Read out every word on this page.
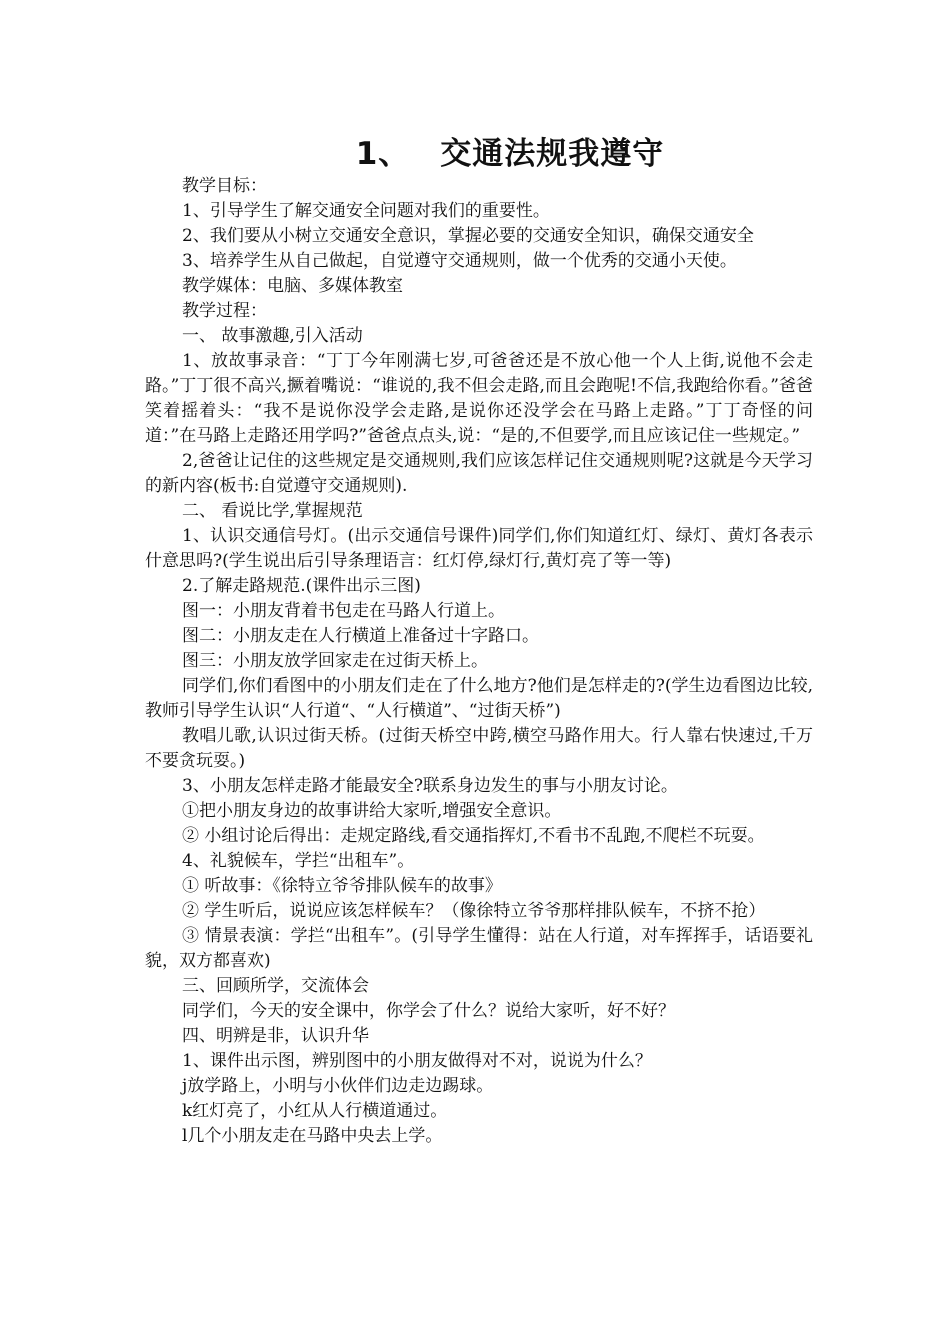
1、 交通法规我遵守

教学目标：

1、引导学生了解交通安全问题对我们的重要性。

2、我们要从小树立交通安全意识，掌握必要的交通安全知识，确保交通安全

3、培养学生从自己做起，自觉遵守交通规则，做一个优秀的交通小天使。

教学媒体：电脑、多媒体教室

教学过程：

一、 故事激趣,引入活动

1、放故事录音：“丁丁今年刚满七岁,可爸爸还是不放心他一个人上街,说他不会走路。”丁丁很不高兴,撅着嘴说：“谁说的,我不但会走路,而且会跑呢!不信,我跑给你看。”爸爸笑着摇着头：“我不是说你没学会走路,是说你还没学会在马路上走路。”丁丁奇怪的问道：”在马路上走路还用学吗?”爸爸点点头,说：“是的,不但要学,而且应该记住一些规定。”

2,爸爸让记住的这些规定是交通规则,我们应该怎样记住交通规则呢?这就是今天学习的新内容(板书:自觉遵守交通规则).

二、 看说比学,掌握规范

1、认识交通信号灯。(出示交通信号课件)同学们,你们知道红灯、绿灯、黄灯各表示什意思吗?(学生说出后引导条理语言：红灯停,绿灯行,黄灯亮了等一等)

2.了解走路规范.(课件出示三图)

图一：小朋友背着书包走在马路人行道上。

图二：小朋友走在人行横道上准备过十字路口。

图三：小朋友放学回家走在过街天桥上。

同学们,你们看图中的小朋友们走在了什么地方?他们是怎样走的?(学生边看图边比较,教师引导学生认识“人行道“、“人行横道”、“过街天桥”)

教唱儿歌,认识过街天桥。(过街天桥空中跨,横空马路作用大。行人靠右快速过,千万不要贪玩耍。)

3、小朋友怎样走路才能最安全?联系身边发生的事与小朋友讨论。

①把小朋友身边的故事讲给大家听,增强安全意识。

② 小组讨论后得出：走规定路线,看交通指挥灯,不看书不乱跑,不爬栏不玩耍。

4、礼貌候车，学拦“出租车”。

① 听故事：《徐特立爷爷排队候车的故事》

② 学生听后，说说应该怎样候车？（像徐特立爷爷那样排队候车，不挤不抢）

③ 情景表演：学拦“出租车”。(引导学生懂得：站在人行道，对车挥挥手，话语要礼貌，双方都喜欢)

三、回顾所学，交流体会

同学们，今天的安全课中，你学会了什么？说给大家听，好不好？

四、明辨是非，认识升华

1、课件出示图，辨别图中的小朋友做得对不对，说说为什么？

j放学路上，小明与小伙伴们边走边踢球。

k红灯亮了，小红从人行横道通过。

l几个小朋友走在马路中央去上学。
